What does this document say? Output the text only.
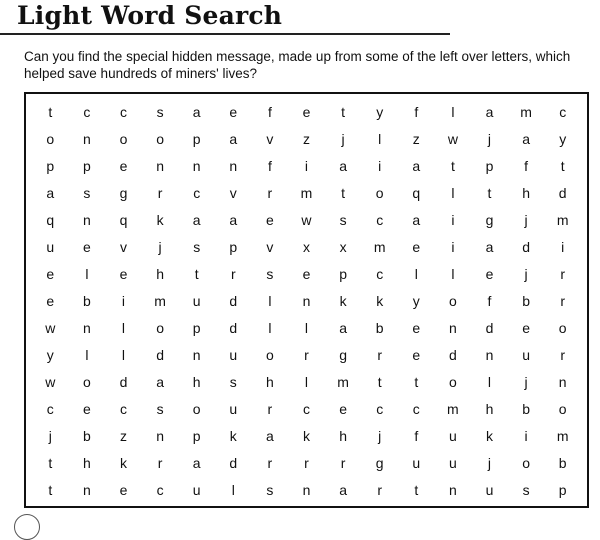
Light Word Search

Can you find the special hidden message, made up from some of the left over letters, which helped save hundreds of miners' lives?

t	c	c	s	a	e	f	e	t	y	f	l	a	m	c
o	n	o	o	p	a	v	z	j	l	z	w	j	a	y
p	p	e	n	n	n	f	i	a	i	a	t	p	f	t
a	s	g	r	c	v	r	m	t	o	q	l	t	h	d
q	n	q	k	a	a	e	w	s	c	a	i	g	j	m
u	e	v	j	s	p	v	x	x	m	e	i	a	d	i
e	l	e	h	t	r	s	e	p	c	l	l	e	j	r
e	b	i	m	u	d	l	n	k	k	y	o	f	b	r
w	n	l	o	p	d	l	l	a	b	e	n	d	e	o
y	l	l	d	n	u	o	r	g	r	e	d	n	u	r
w	o	d	a	h	s	h	l	m	t	t	o	l	j	n
c	e	c	s	o	u	r	c	e	c	c	m	h	b	o
j	b	z	n	p	k	a	k	h	j	f	u	k	i	m
t	h	k	r	a	d	r	r	r	g	u	u	j	o	b
t	n	e	c	u	l	s	n	a	r	t	n	u	s	p
